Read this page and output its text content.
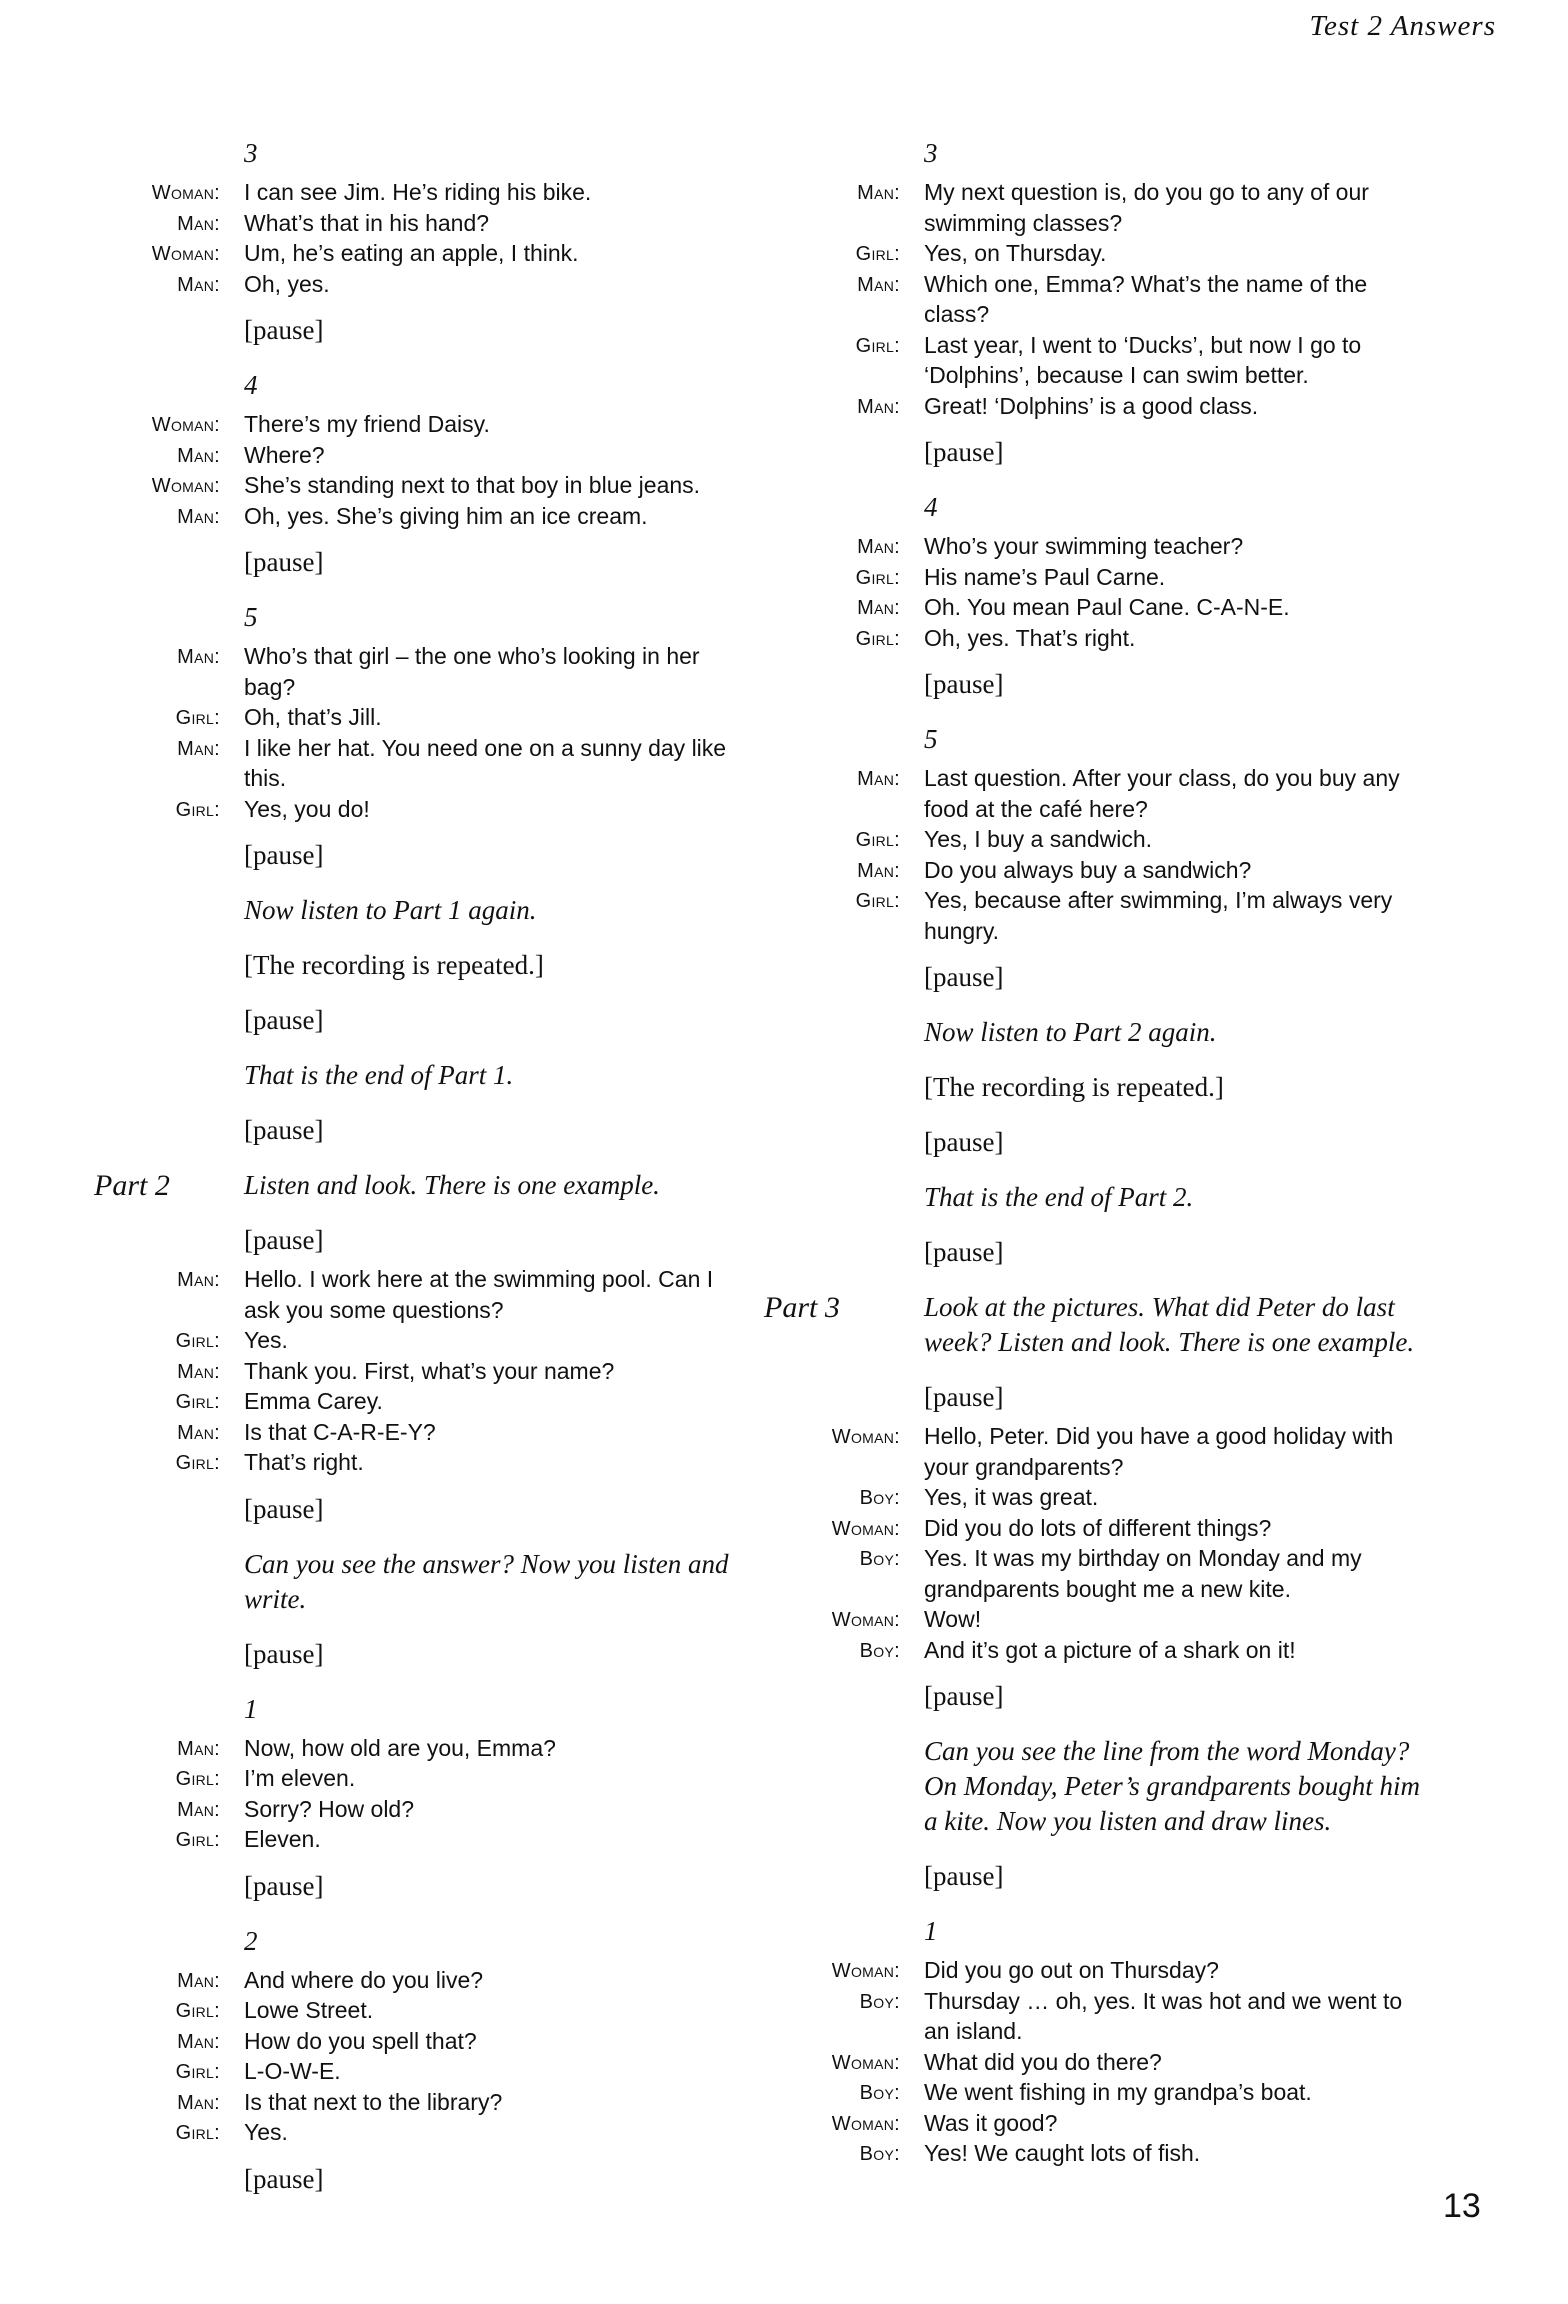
Test 2 Answers
3
Woman:	I can see Jim. He’s riding his bike.
Man:	What’s that in his hand?
Woman:	Um, he’s eating an apple, I think.
Man:	Oh, yes.
[pause]
4
Woman:	There’s my friend Daisy.
Man:	Where?
Woman:	She’s standing next to that boy in blue jeans.
Man:	Oh, yes. She’s giving him an ice cream.
[pause]
5
Man:	Who’s that girl – the one who’s looking in her bag?
Girl:	Oh, that’s Jill.
Man:	I like her hat. You need one on a sunny day like this.
Girl:	Yes, you do!
[pause]
Now listen to Part 1 again.
[The recording is repeated.]
[pause]
That is the end of Part 1.
[pause]
Part 2	Listen and look. There is one example.
[pause]
Man:	Hello. I work here at the swimming pool. Can I ask you some questions?
Girl:	Yes.
Man:	Thank you. First, what’s your name?
Girl:	Emma Carey.
Man:	Is that C-A-R-E-Y?
Girl:	That’s right.
[pause]
Can you see the answer? Now you listen and write.
[pause]
1
Man:	Now, how old are you, Emma?
Girl:	I’m eleven.
Man:	Sorry? How old?
Girl:	Eleven.
[pause]
2
Man:	And where do you live?
Girl:	Lowe Street.
Man:	How do you spell that?
Girl:	L-O-W-E.
Man:	Is that next to the library?
Girl:	Yes.
[pause]
3
Man:	My next question is, do you go to any of our swimming classes?
Girl:	Yes, on Thursday.
Man:	Which one, Emma? What’s the name of the class?
Girl:	Last year, I went to ‘Ducks’, but now I go to ‘Dolphins’, because I can swim better.
Man:	Great! ‘Dolphins’ is a good class.
[pause]
4
Man:	Who’s your swimming teacher?
Girl:	His name’s Paul Carne.
Man:	Oh. You mean Paul Cane. C-A-N-E.
Girl:	Oh, yes. That’s right.
[pause]
5
Man:	Last question. After your class, do you buy any food at the café here?
Girl:	Yes, I buy a sandwich.
Man:	Do you always buy a sandwich?
Girl:	Yes, because after swimming, I’m always very hungry.
[pause]
Now listen to Part 2 again.
[The recording is repeated.]
[pause]
That is the end of Part 2.
[pause]
Part 3	Look at the pictures. What did Peter do last week? Listen and look. There is one example.
[pause]
Woman:	Hello, Peter. Did you have a good holiday with your grandparents?
Boy:	Yes, it was great.
Woman:	Did you do lots of different things?
Boy:	Yes. It was my birthday on Monday and my grandparents bought me a new kite.
Woman:	Wow!
Boy:	And it’s got a picture of a shark on it!
[pause]
Can you see the line from the word Monday? On Monday, Peter’s grandparents bought him a kite. Now you listen and draw lines.
[pause]
1
Woman:	Did you go out on Thursday?
Boy:	Thursday … oh, yes. It was hot and we went to an island.
Woman:	What did you do there?
Boy:	We went fishing in my grandpa’s boat.
Woman:	Was it good?
Boy:	Yes! We caught lots of fish.
13
